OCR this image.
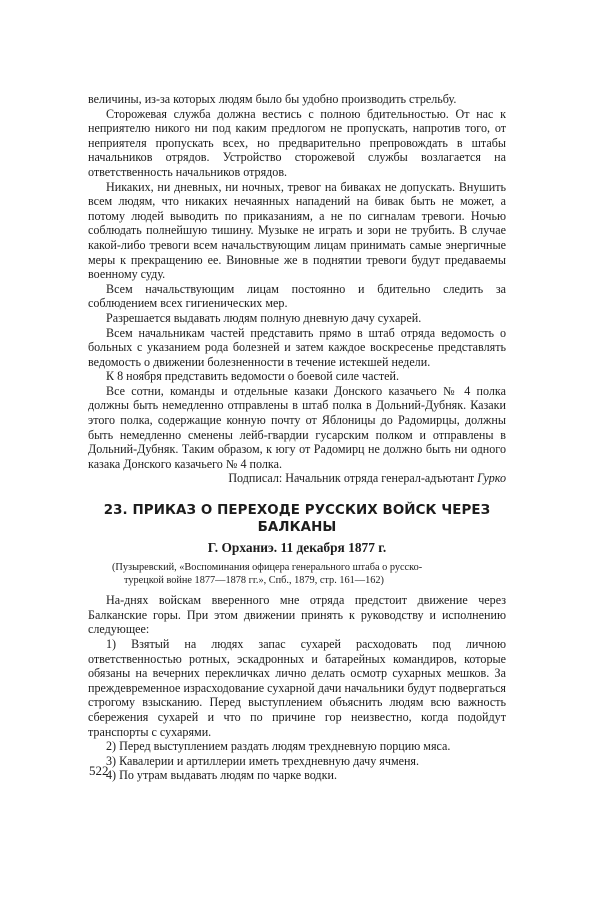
величины, из-за которых людям было бы удобно производить стрельбу.

Сторожевая служба должна вестись с полною бдительностью. От нас к неприятелю никого ни под каким предлогом не пропускать, напротив того, от неприятеля пропускать всех, но предварительно препровождать в штабы начальников отрядов. Устройство сторожевой службы возлагается на ответственность начальников отрядов.

Никаких, ни дневных, ни ночных, тревог на биваках не допускать. Внушить всем людям, что никаких нечаянных нападений на бивак быть не может, а потому людей выводить по приказаниям, а не по сигналам тревоги. Ночью соблюдать полнейшую тишину. Музыке не играть и зори не трубить. В случае какой-либо тревоги всем начальствующим лицам принимать самые энергичные меры к прекращению ее. Виновные же в поднятии тревоги будут предаваемы военному суду.

Всем начальствующим лицам постоянно и бдительно следить за соблюдением всех гигиенических мер.

Разрешается выдавать людям полную дневную дачу сухарей.

Всем начальникам частей представить прямо в штаб отряда ведомость о больных с указанием рода болезней и затем каждое воскресенье представлять ведомость о движении болезненности в течение истекшей недели.

К 8 ноября представить ведомости о боевой силе частей.

Все сотни, команды и отдельные казаки Донского казачьего № 4 полка должны быть немедленно отправлены в штаб полка в Дольний-Дубняк. Казаки этого полка, содержащие конную почту от Яблоницы до Радомирцы, должны быть немедленно сменены лейб-гвардии гусарским полком и отправлены в Дольний-Дубняк. Таким образом, к югу от Радомирц не должно быть ни одного казака Донского казачьего № 4 полка.

Подписал: Начальник отряда генерал-адъютант Гурко

23. ПРИКАЗ О ПЕРЕХОДЕ РУССКИХ ВОЙСК ЧЕРЕЗ БАЛКАНЫ
Г. Орханиэ. 11 декабря 1877 г.

(Пузыревский, «Воспоминания офицера генерального штаба о русско-
турецкой войне 1877—1878 гг.», Спб., 1879, стр. 161—162)

На-днях войскам вверенного мне отряда предстоит движение через Балканские горы. При этом движении принять к руководству и исполнению следующее:

1) Взятый на людях запас сухарей расходовать под личною ответственностью ротных, эскадронных и батарейных командиров, которые обязаны на вечерних перекличках лично делать осмотр сухарных мешков. За преждевременное израсходование сухарной дачи начальники будут подвергаться строгому взысканию. Перед выступлением объяснить людям всю важность сбережения сухарей и что по причине гор неизвестно, когда подойдут транспорты с сухарями.

2) Перед выступлением раздать людям трехдневную порцию мяса.

3) Кавалерии и артиллерии иметь трехдневную дачу ячменя.

4) По утрам выдавать людям по чарке водки.

522
